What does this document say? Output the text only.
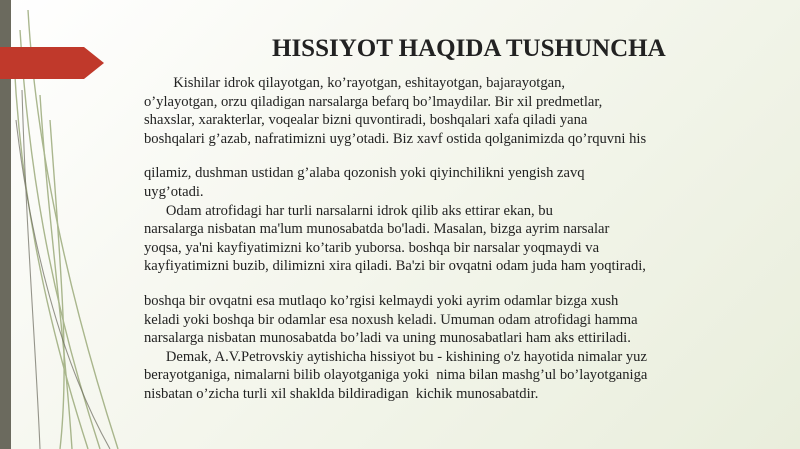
HISSIYOT HAQIDA TUSHUNCHA
Kishilar idrok qilayotgan, ko’rayotgan, eshitayotgan, bajarayotgan,
o’ylayotgan, orzu qiladigan narsalarga befarq bo’lmaydilar. Bir xil predmetlar,
shaxslar, xarakterlar, voqealar bizni quvontiradi, boshqalari xafa qiladi yana
boshqalari g’azab, nafratimizni uyg’otadi. Biz xavf ostida qolganimizda qo’rquvni his
qilamiz, dushman ustidan g’alaba qozonish yoki qiyinchilikni yengish zavq
uyg’otadi.
Odam atrofidagi har turli narsalarni idrok qilib aks ettirar ekan, bu
narsalarga nisbatan ma'lum munosabatda bo'ladi. Masalan, bizga ayrim narsalar
yoqsa, ya'ni kayfiyatimizni ko’tarib yuborsa. boshqa bir narsalar yoqmaydi va
kayfiyatimizni buzib, dilimizni xira qiladi. Ba'zi bir ovqatni odam juda ham yoqtiradi,
boshqa bir ovqatni esa mutlaqo ko’rgisi kelmaydi yoki ayrim odamlar bizga xush
keladi yoki boshqa bir odamlar esa noxush keladi. Umuman odam atrofidagi hamma
narsalarga nisbatan munosabatda bo’ladi va uning munosabatlari ham aks ettiriladi.
Demak, A.V.Petrovskiy aytishicha hissiyot bu - kishining o'z hayotida nimalar yuz
berayotganiga, nimalarni bilib olayotganiga yoki  nima bilan mashg’ul bo’layotganiga
nisbatan o’zicha turli xil shaklda bildiradigan  kichik munosabatdir.
